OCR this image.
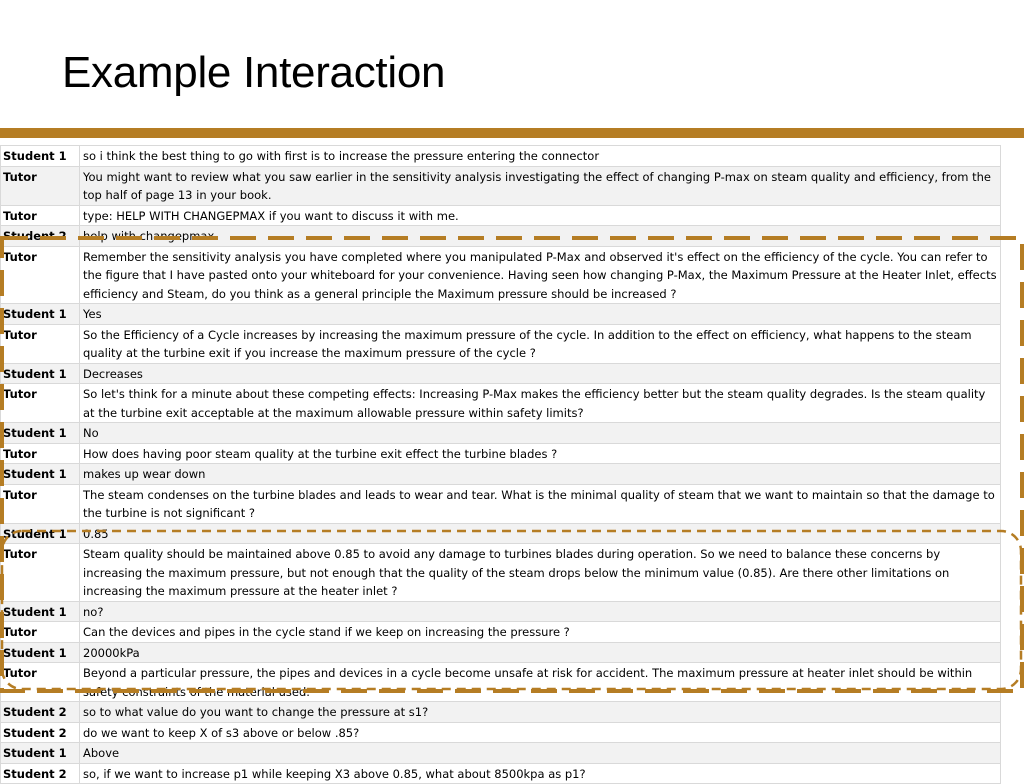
Example Interaction
Student 1	so i think the best thing to go with first is to increase the pressure entering the connector
Tutor	You might want to review what you saw earlier in the sensitivity analysis investigating the effect of changing P-max on steam quality and efficiency, from the top half of page 13 in your book.
Tutor	type: HELP WITH CHANGEPMAX if you want to discuss it with me.
Student 2	help with changepmax
Tutor	Remember the sensitivity analysis you have completed where you manipulated P-Max and observed it's effect on the efficiency of the cycle. You can refer to the figure that I have pasted onto your whiteboard for your convenience. Having seen how changing P-Max, the Maximum Pressure at the Heater Inlet, effects efficiency and Steam, do you think as a general principle the Maximum pressure should be increased ?
Student 1	Yes
Tutor	So the Efficiency of a Cycle increases by increasing the maximum pressure of the cycle. In addition to the effect on efficiency, what happens to the steam quality at the turbine exit if you increase the maximum pressure of the cycle ?
Student 1	Decreases
Tutor	So let's think for a minute about these competing effects: Increasing P-Max makes the efficiency better but the steam quality degrades. Is the steam quality at the turbine exit acceptable at the maximum allowable pressure within safety limits?
Student 1	No
Tutor	How does having poor steam quality at the turbine exit effect the turbine blades ?
Student 1	makes up wear down
Tutor	The steam condenses on the turbine blades and leads to wear and tear. What is the minimal quality of steam that we want to maintain so that the damage to the turbine is not significant ?
Student 1	0.85
Tutor	Steam quality should be maintained above 0.85 to avoid any damage to turbines blades during operation. So we need to balance these concerns by increasing the maximum pressure, but not enough that the quality of the steam drops below the minimum value (0.85). Are there other limitations on increasing the maximum pressure at the heater inlet ?
Student 1	no?
Tutor	Can the devices and pipes in the cycle stand if we keep on increasing the pressure ?
Student 1	20000kPa
Tutor	Beyond a particular pressure, the pipes and devices in a cycle become unsafe at risk for accident. The maximum pressure at heater inlet should be within safety constraints of the material used.
Student 2	so to what value do you want to change the pressure at s1?
Student 2	do we want to keep X of s3 above or below .85?
Student 1	Above
Student 2	so, if we want to increase p1 while keeping X3 above 0.85, what about 8500kpa as p1?
